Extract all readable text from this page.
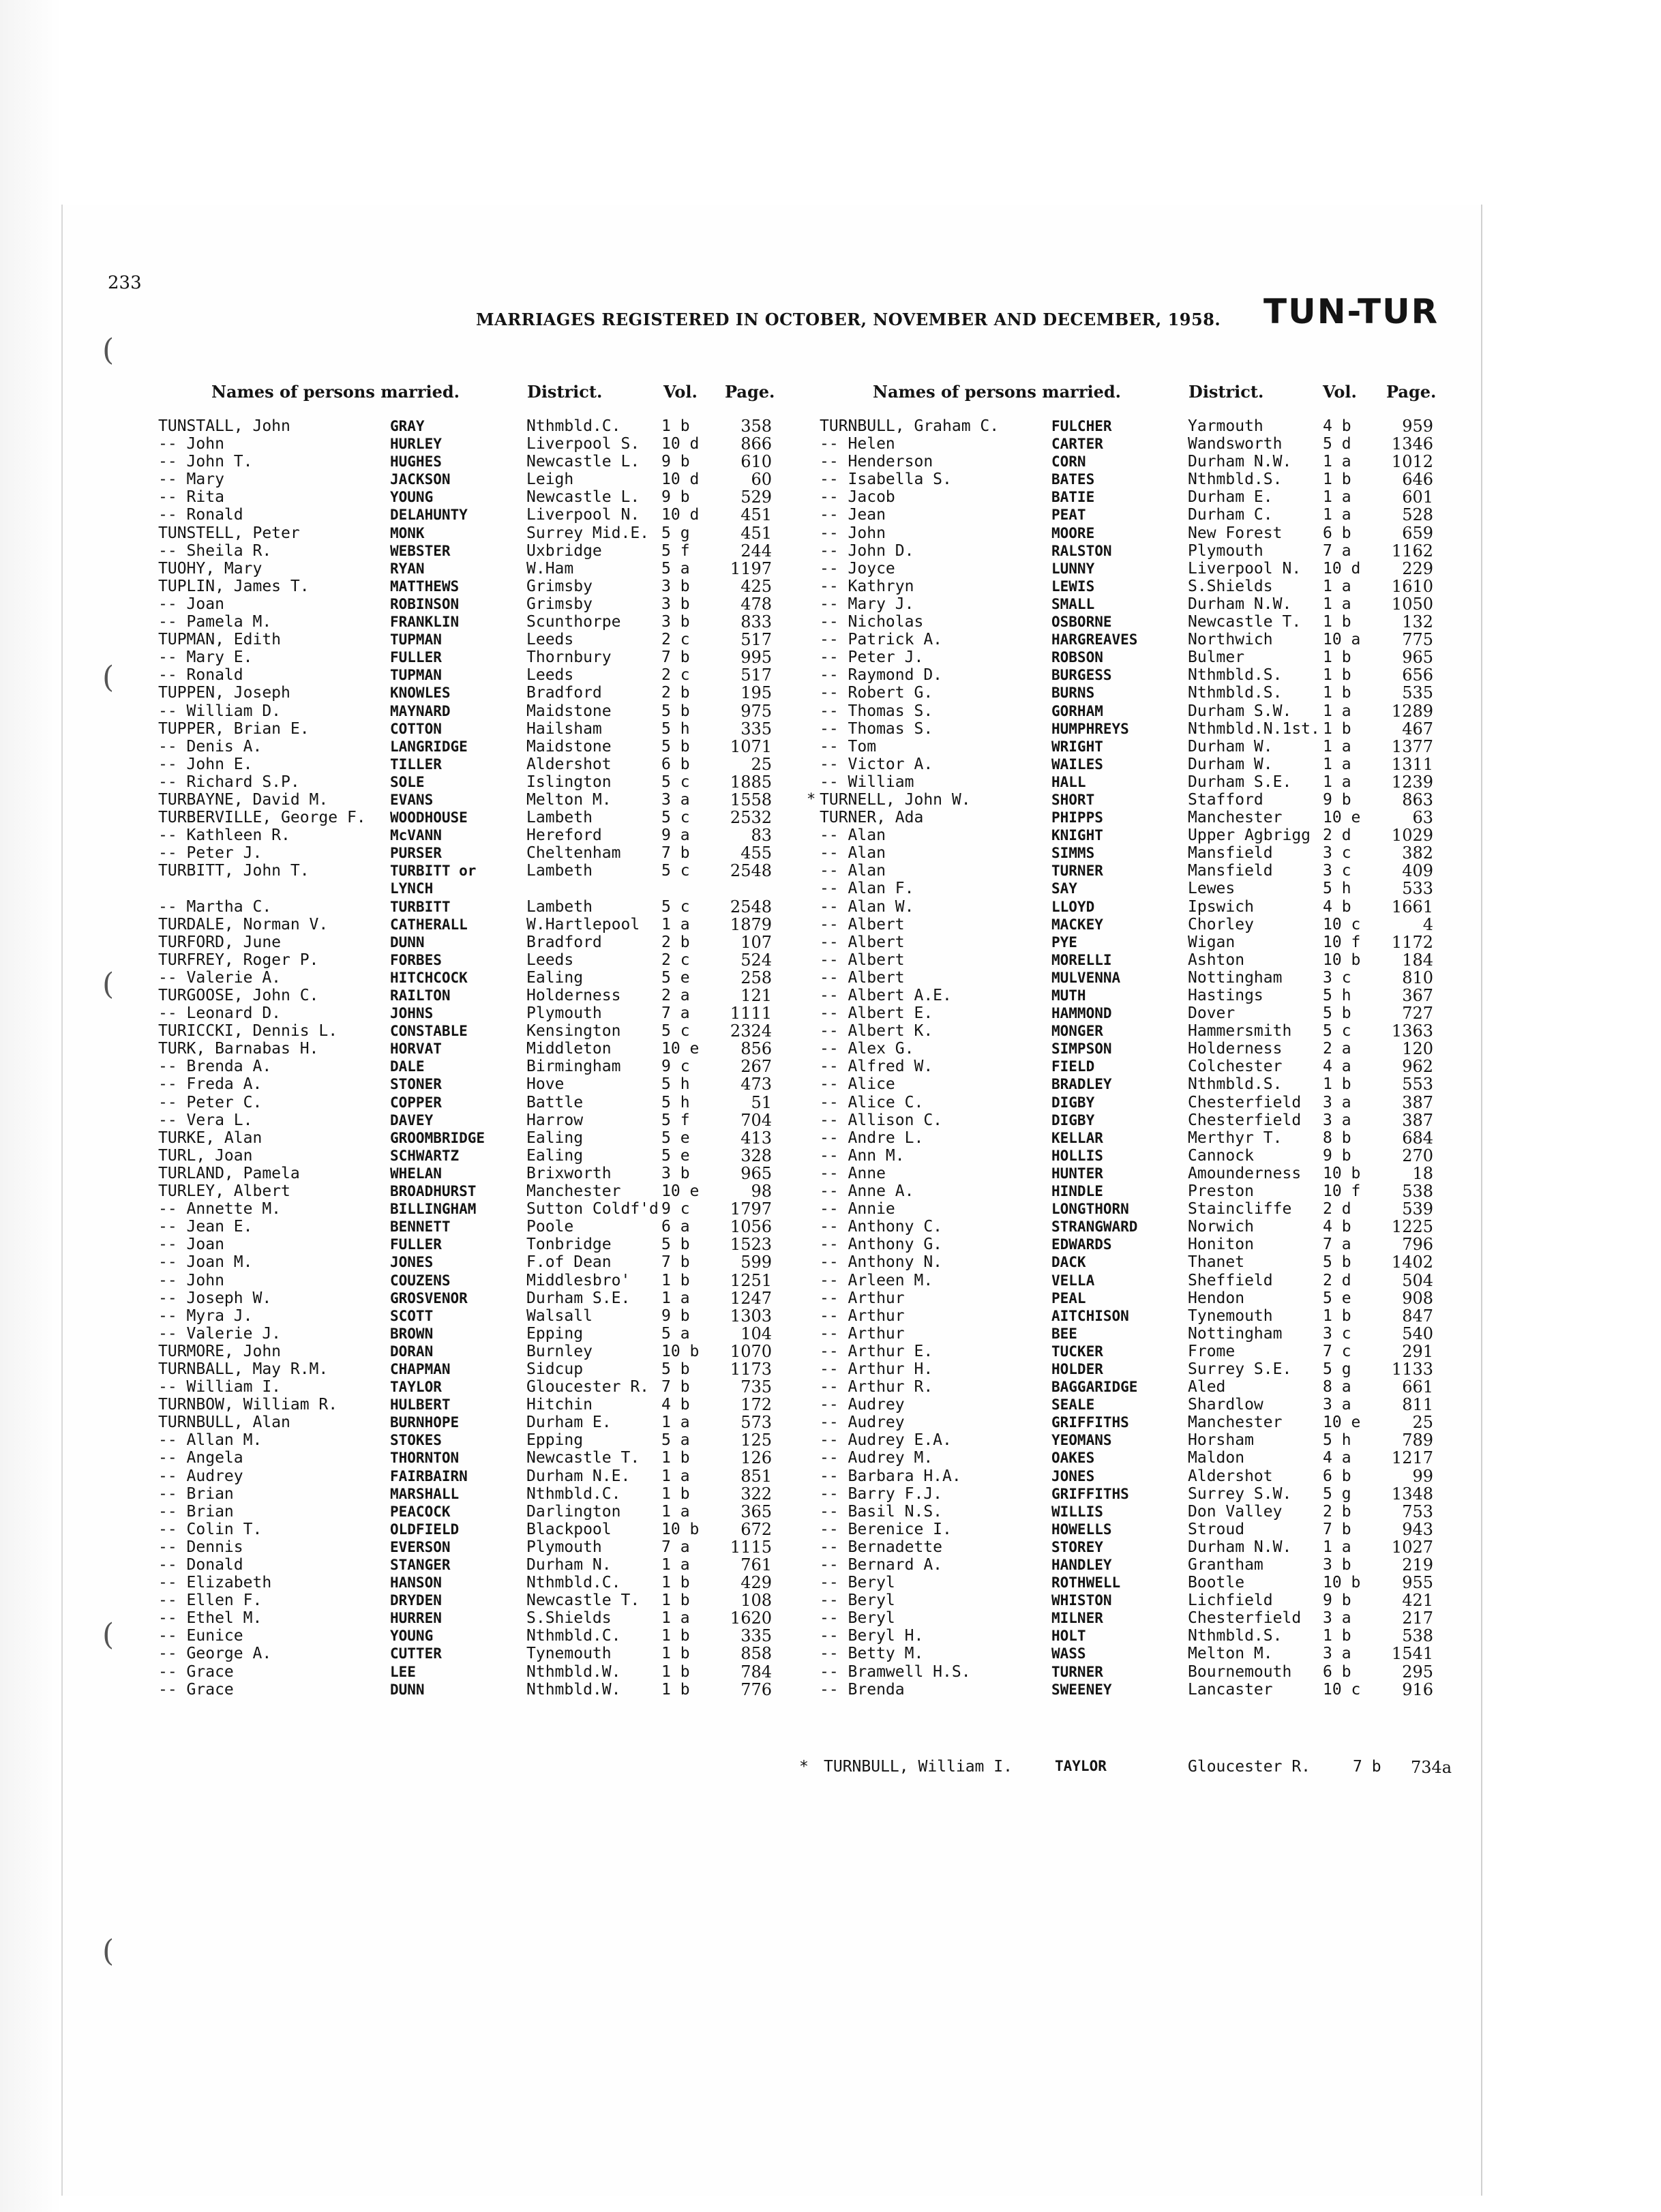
(
(
(
(
(
233
MARRIAGES REGISTERED IN OCTOBER, NOVEMBER AND DECEMBER, 1958. TUN-TUR
Names of persons married.	District.	Vol. Page.	Names of persons married.	District.	Vol. Page.
TUNSTALL, John	GRAY	Nthmbld.C.	1 b	358
-- John	HURLEY	Liverpool S. 10 d	866
-- John T.	HUGHES	Newcastle L. 9 b	610
-- Mary	JACKSON	Leigh	10 d	60
-- Rita	YOUNG	Newcastle L. 9 b	529
-- Ronald	DELAHUNTY	Liverpool N. 10 d	451
TUNSTELL, Peter	MONK	Surrey Mid.E. 5 g	451
-- Sheila R.	WEBSTER	Uxbridge	5 f	244
TUOHY, Mary	RYAN	W.Ham	5 a 1197
TUPLIN, James T.	MATTHEWS	Grimsby	3 b	425
-- Joan	ROBINSON	Grimsby	3 b	478
-- Pamela M.	FRANKLIN	Scunthorpe	3 b	833
TUPMAN, Edith	TUPMAN	Leeds	2 c	517
-- Mary E.	FULLER	Thornbury	7 b	995
-- Ronald	TUPMAN	Leeds	2 c	517
TUPPEN, Joseph	KNOWLES	Bradford	2 b	195
-- William D.	MAYNARD	Maidstone	5 b	975
TUPPER, Brian E.	COTTON	Hailsham	5 h	335
-- Denis A.	LANGRIDGE	Maidstone	5 b 1071
-- John E.	TILLER	Aldershot	6 b	25
-- Richard S.P.	SOLE	Islington	5 c 1885
TURBAYNE, David M.	EVANS	Melton M.	3 a 1558
TURBERVILLE, George F. WOODHOUSE	Lambeth	5 c 2532
-- Kathleen R.	McVANN	Hereford	9 a	83
-- Peter J.	PURSER	Cheltenham	7 b	455
TURBITT, John T.	TURBITT or	Lambeth	5 c 2548
LYNCH
-- Martha C.	TURBITT	Lambeth	5 c 2548
TURDALE, Norman V.	CATHERALL	W.Hartlepool 1 a 1879
TURFORD, June	DUNN	Bradford	2 b	107
TURFREY, Roger P.	FORBES	Leeds	2 c	524
-- Valerie A.	HITCHCOCK	Ealing	5 e	258
TURGOOSE, John C.	RAILTON	Holderness	2 a	121
-- Leonard D.	JOHNS	Plymouth	7 a 1111
TURICCKI, Dennis L.	CONSTABLE	Kensington	5 c 2324
TURK, Barnabas H.	HORVAT	Middleton	10 e	856
-- Brenda A.	DALE	Birmingham	9 c	267
-- Freda A.	STONER	Hove	5 h	473
-- Peter C.	COPPER	Battle	5 h	51
-- Vera L.	DAVEY	Harrow	5 f	704
TURKE, Alan	GROOMBRIDGE	Ealing	5 e	413
TURL, Joan	SCHWARTZ	Ealing	5 e	328
TURLAND, Pamela	WHELAN	Brixworth	3 b	965
TURLEY, Albert	BROADHURST	Manchester	10 e	98
-- Annette M.	BILLINGHAM	Sutton Coldf'd 9 c 1797
-- Jean E.	BENNETT	Poole	6 a 1056
-- Joan	FULLER	Tonbridge	5 b 1523
-- Joan M.	JONES	F.of Dean	7 b	599
-- John	COUZENS	Middlesbro' 1 b 1251
-- Joseph W.	GROSVENOR	Durham S.E. 1 a 1247
-- Myra J.	SCOTT	Walsall	9 b 1303
-- Valerie J.	BROWN	Epping	5 a	104
TURMORE, John	DORAN	Burnley	10 b 1070
TURNBALL, May R.M.	CHAPMAN	Sidcup	5 b 1173
-- William I.	TAYLOR	Gloucester R. 7 b	735
TURNBOW, William R.	HULBERT	Hitchin	4 b	172
TURNBULL, Alan	BURNHOPE	Durham E.	1 a	573
-- Allan M.	STOKES	Epping	5 a	125
-- Angela	THORNTON	Newcastle T. 1 b	126
-- Audrey	FAIRBAIRN	Durham N.E. 1 a	851
-- Brian	MARSHALL	Nthmbld.C.	1 b	322
-- Brian	PEACOCK	Darlington	1 a	365
-- Colin T.	OLDFIELD	Blackpool	10 b	672
-- Dennis	EVERSON	Plymouth	7 a 1115
-- Donald	STANGER	Durham N.	1 a	761
-- Elizabeth	HANSON	Nthmbld.C.	1 b	429
-- Ellen F.	DRYDEN	Newcastle T. 1 b	108
-- Ethel M.	HURREN	S.Shields	1 a 1620
-- Eunice	YOUNG	Nthmbld.C.	1 b	335
-- George A.	CUTTER	Tynemouth	1 b	858
-- Grace	LEE	Nthmbld.W.	1 b	784
-- Grace	DUNN	Nthmbld.W.	1 b	776
TURNBULL, Graham C.	FULCHER	Yarmouth	4 b	959
-- Helen	CARTER	Wandsworth	5 d 1346
-- Henderson	CORN	Durham N.W. 1 a 1012
-- Isabella S.	BATES	Nthmbld.S.	1 b	646
-- Jacob	BATIE	Durham E.	1 a	601
-- Jean	PEAT	Durham C.	1 a	528
-- John	MOORE	New Forest	6 b	659
-- John D.	RALSTON	Plymouth	7 a 1162
-- Joyce	LUNNY	Liverpool N. 10 d	229
-- Kathryn	LEWIS	S.Shields	1 a 1610
-- Mary J.	SMALL	Durham N.W. 1 a 1050
-- Nicholas	OSBORNE	Newcastle T. 1 b	132
-- Patrick A.	HARGREAVES	Northwich	10 a	775
-- Peter J.	ROBSON	Bulmer	1 b	965
-- Raymond D.	BURGESS	Nthmbld.S.	1 b	656
-- Robert G.	BURNS	Nthmbld.S.	1 b	535
-- Thomas S.	GORHAM	Durham S.W. 1 a 1289
-- Thomas S.	HUMPHREYS	Nthmbld.N.1st. 1 b	467
-- Tom	WRIGHT	Durham W.	1 a 1377
-- Victor A.	WAILES	Durham W.	1 a 1311
-- William	HALL	Durham S.E. 1 a 1239
TURNELL, John W.	SHORT	Stafford	9 b	863
TURNER, Ada	PHIPPS	Manchester	10 e	63
-- Alan	KNIGHT	Upper Agbrigg 2 d 1029
-- Alan	SIMMS	Mansfield	3 c	382
-- Alan	TURNER	Mansfield	3 c	409
-- Alan F.	SAY	Lewes	5 h	533
-- Alan W.	LLOYD	Ipswich	4 b 1661
-- Albert	MACKEY	Chorley	10 c	4
-- Albert	PYE	Wigan	10 f 1172
-- Albert	MORELLI	Ashton	10 b	184
-- Albert	MULVENNA	Nottingham	3 c	810
-- Albert A.E.	MUTH	Hastings	5 h	367
-- Albert E.	HAMMOND	Dover	5 b	727
-- Albert K.	MONGER	Hammersmith 5 c 1363
-- Alex G.	SIMPSON	Holderness	2 a	120
-- Alfred W.	FIELD	Colchester	4 a	962
-- Alice	BRADLEY	Nthmbld.S.	1 b	553
-- Alice C.	DIGBY	Chesterfield 3 a	387
-- Allison C.	DIGBY	Chesterfield 3 a	387
-- Andre L.	KELLAR	Merthyr T.	8 b	684
-- Ann M.	HOLLIS	Cannock	9 b	270
-- Anne	HUNTER	Amounderness 10 b	18
-- Anne A.	HINDLE	Preston	10 f	538
-- Annie	LONGTHORN	Staincliffe 2 d	539
-- Anthony C.	STRANGWARD	Norwich	4 b 1225
-- Anthony G.	EDWARDS	Honiton	7 a	796
-- Anthony N.	DACK	Thanet	5 b 1402
-- Arleen M.	VELLA	Sheffield	2 d	504
-- Arthur	PEAL	Hendon	5 e	908
-- Arthur	AITCHISON	Tynemouth	1 b	847
-- Arthur	BEE	Nottingham	3 c	540
-- Arthur E.	TUCKER	Frome	7 c	291
-- Arthur H.	HOLDER	Surrey S.E. 5 g 1133
-- Arthur R.	BAGGARIDGE	Aled	8 a	661
-- Audrey	SEALE	Shardlow	3 a	811
-- Audrey	GRIFFITHS	Manchester	10 e	25
-- Audrey E.A.	YEOMANS	Horsham	5 h	789
-- Audrey M.	OAKES	Maldon	4 a 1217
-- Barbara H.A.	JONES	Aldershot	6 b	99
-- Barry F.J.	GRIFFITHS	Surrey S.W. 5 g 1348
-- Basil N.S.	WILLIS	Don Valley	2 b	753
-- Berenice I.	HOWELLS	Stroud	7 b	943
-- Bernadette	STOREY	Durham N.W. 1 a 1027
-- Bernard A.	HANDLEY	Grantham	3 b	219
-- Beryl	ROTHWELL	Bootle	10 b	955
-- Beryl	WHISTON	Lichfield	9 b	421
-- Beryl	MILNER	Chesterfield 3 a	217
-- Beryl H.	HOLT	Nthmbld.S.	1 b	538
-- Betty M.	WASS	Melton M.	3 a 1541
-- Bramwell H.S.	TURNER	Bournemouth 6 b	295
-- Brenda	SWEENEY	Lancaster	10 c	916
*
* TURNBULL, William I.	TAYLOR	Gloucester R.	7 b 734a
